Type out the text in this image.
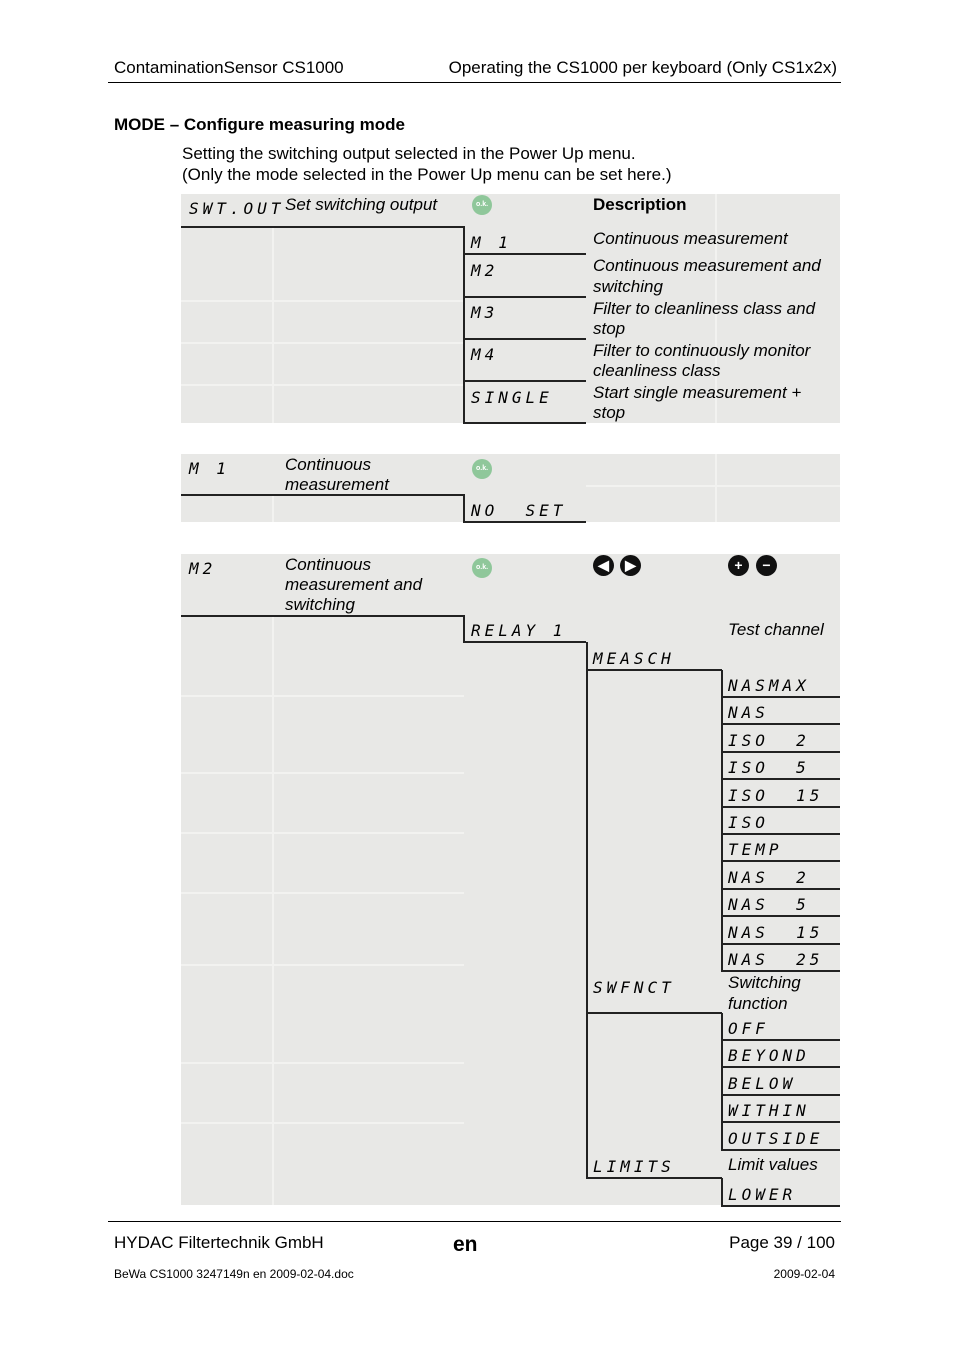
ContaminationSensor CS1000	Operating the CS1000 per keyboard (Only CS1x2x)
MODE – Configure measuring mode
Setting the switching output selected in the Power Up menu.
(Only the mode selected in the Power Up menu can be set here.)
SWT.OUT Set switching output	o.k.	Description
M 1	Continuous measurement
M2	Continuous measurement and
switching
M3	Filter to cleanliness class and
stop
M4	Filter to continuously monitor
cleanliness class
SINGLE Start single measurement +
stop
M 1	Continuous
measurement
o.k.
NO  SET
M2	Continuous
measurement and
switching
o.k.	◀	▶	+	−
RELAY 1	Test channel
MEASCH
NASMAX
NAS
ISO  2
ISO  5
ISO  15
ISO
TEMP
NAS  2
NAS  5
NAS  15
NAS  25
SWFNCT	Switching
function
OFF
BEYOND
BELOW
WITHIN
OUTSIDE
LIMITS	Limit values
LOWER
HYDAC Filtertechnik GmbH	en	Page 39 / 100
BeWa CS1000 3247149n en 2009-02-04.doc	2009-02-04
